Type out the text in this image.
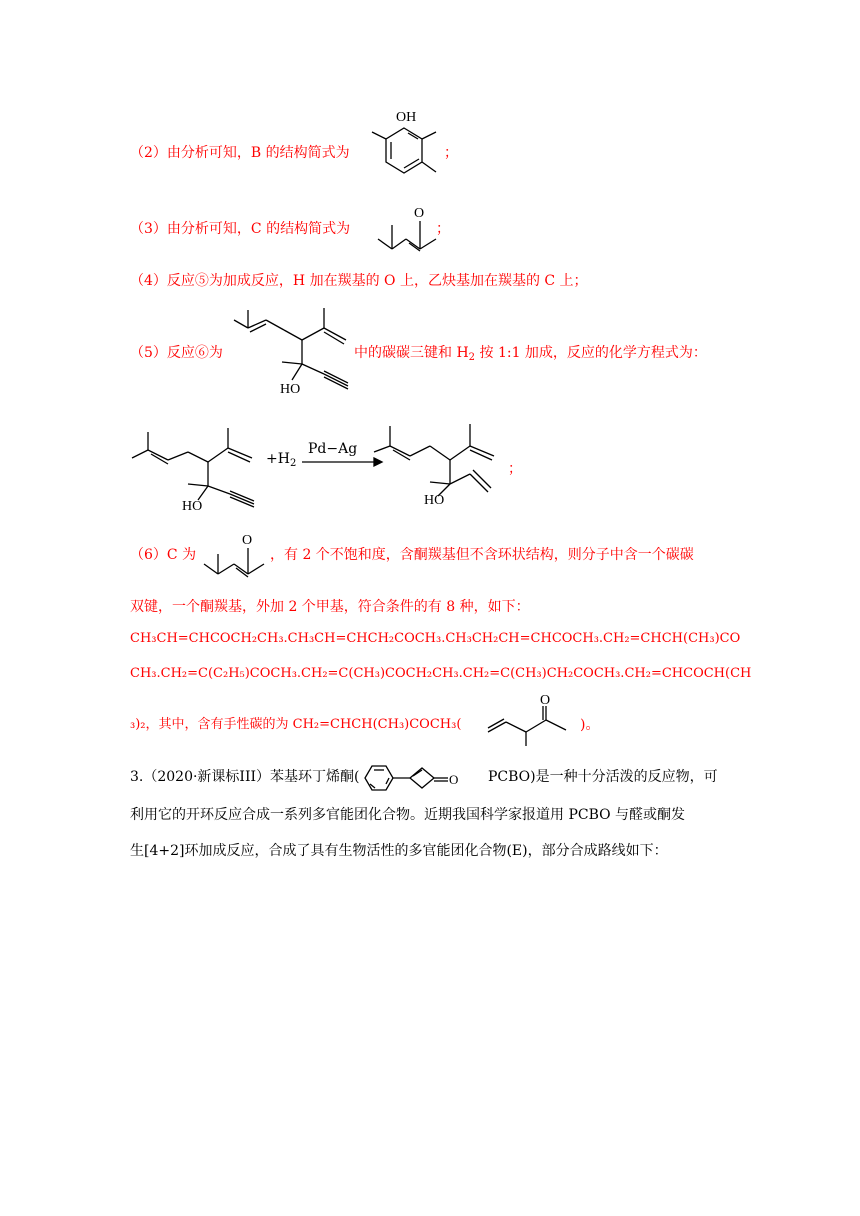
（2）由分析可知，B 的结构简式为
OH
；
（3）由分析可知，C 的结构简式为
O
；
（4）反应⑤为加成反应，H 加在羰基的 O 上，乙炔基加在羰基的 C 上；
（5）反应⑥为
HO
中的碳碳三键和 $H_2$ 按 1:1 加成，反应的化学方程式为：
HO
$+H_2$
Pd−Ag
HO
；
（6）C 为
O
，有 2 个不饱和度，含酮羰基但不含环状结构，则分子中含一个碳碳
双键，一个酮羰基，外加 2 个甲基，符合条件的有 8 种，如下：
CH₃CH=CHCOCH₂CH₃.CH₃CH=CHCH₂COCH₃.CH₃CH₂CH=CHCOCH₃.CH₂=CHCH(CH₃)CO
CH₃.CH₂=C(C₂H₅)COCH₃.CH₂=C(CH₃)COCH₂CH₃.CH₂=C(CH₃)CH₂COCH₃.CH₂=CHCOCH(CH
₃)₂，其中，含有手性碳的为 CH₂=CHCH(CH₃)COCH₃(
O
)。
3.（2020·新课标III）苯基环丁烯酮(	O PCBO)是一种十分活泼的反应物，可
利用它的开环反应合成一系列多官能团化合物。近期我国科学家报道用 PCBO 与醛或酮发
生[4+2]环加成反应，合成了具有生物活性的多官能团化合物(E)，部分合成路线如下：
